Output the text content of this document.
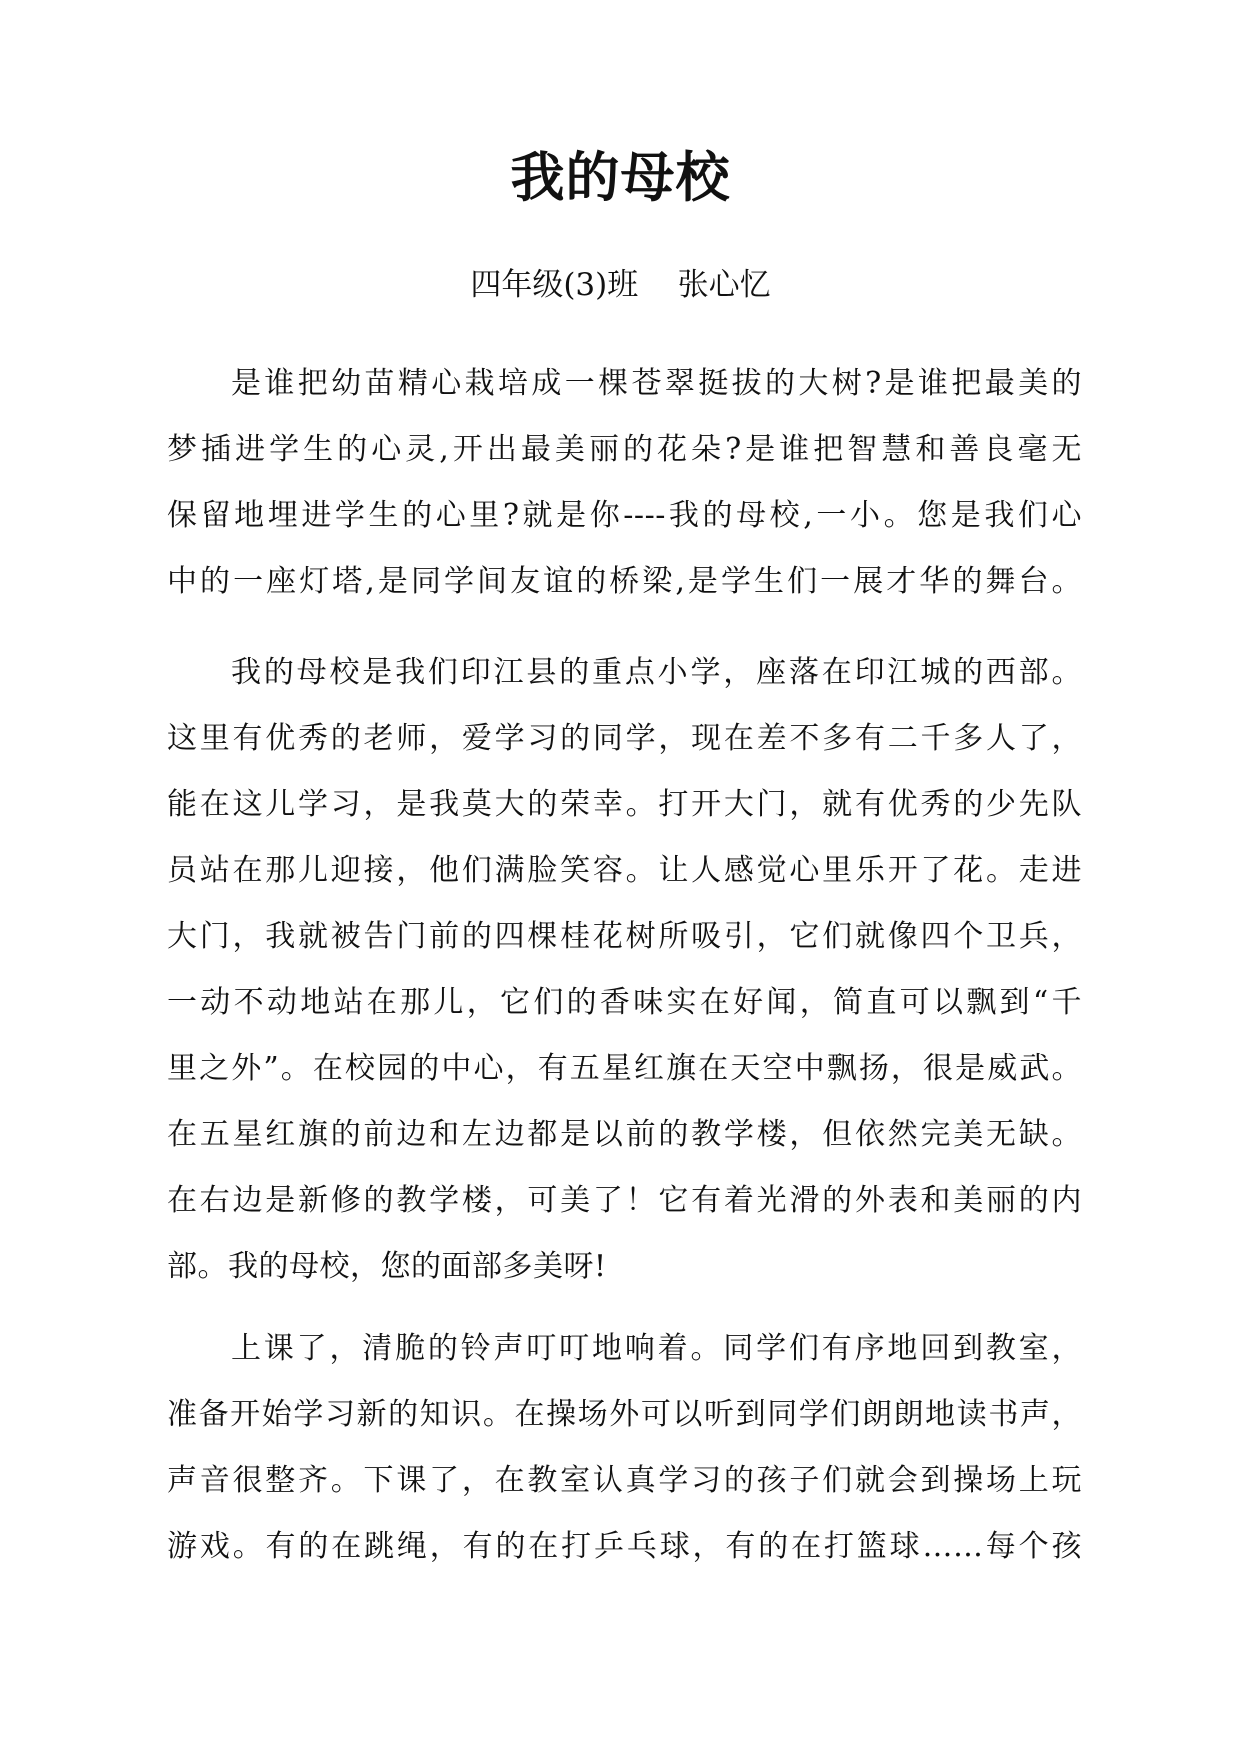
我的母校

四年级(3)班    张心忆

是谁把幼苗精心栽培成一棵苍翠挺拔的大树?是谁把最美的
梦插进学生的心灵,开出最美丽的花朵?是谁把智慧和善良毫无
保留地埋进学生的心里?就是你----我的母校,一小。您是我们心
中的一座灯塔,是同学间友谊的桥梁,是学生们一展才华的舞台。
我的母校是我们印江县的重点小学，座落在印江城的西部。
这里有优秀的老师，爱学习的同学，现在差不多有二千多人了，
能在这儿学习，是我莫大的荣幸。打开大门，就有优秀的少先队
员站在那儿迎接，他们满脸笑容。让人感觉心里乐开了花。走进
大门，我就被告门前的四棵桂花树所吸引，它们就像四个卫兵，
一动不动地站在那儿，它们的香味实在好闻，简直可以飘到“千
里之外”。在校园的中心，有五星红旗在天空中飘扬，很是威武。
在五星红旗的前边和左边都是以前的教学楼，但依然完美无缺。
在右边是新修的教学楼，可美了！它有着光滑的外表和美丽的内
部。我的母校，您的面部多美呀!
上课了，清脆的铃声叮叮地响着。同学们有序地回到教室，
准备开始学习新的知识。在操场外可以听到同学们朗朗地读书声，
声音很整齐。下课了，在教室认真学习的孩子们就会到操场上玩
游戏。有的在跳绳，有的在打乒乓球，有的在打篮球……每个孩
